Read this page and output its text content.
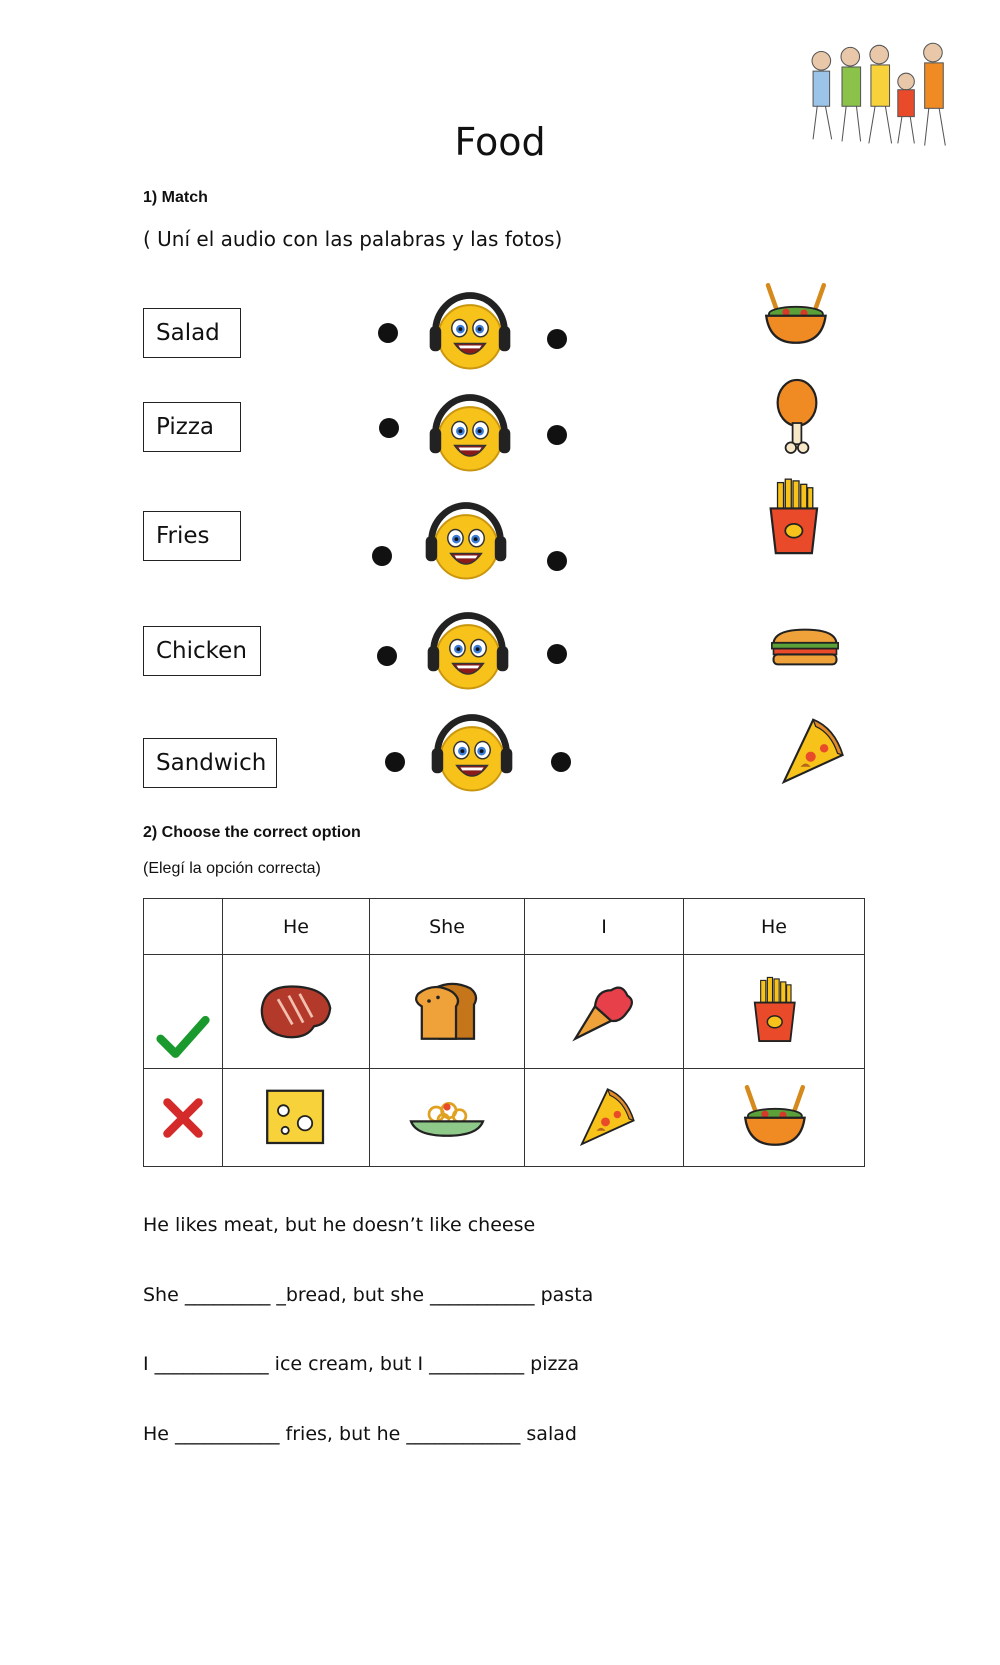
Food
1) Match
( Uní el audio con las palabras y las fotos)
Salad
Pizza
Fries
Chicken
Sandwich
2) Choose the correct option
(Elegí la opción correcta)
	He	She	I	He

He likes meat, but he doesn’t like cheese
She _________ _bread, but she ___________ pasta
I ____________ ice cream, but I __________ pizza
He ___________ fries, but he ____________ salad
